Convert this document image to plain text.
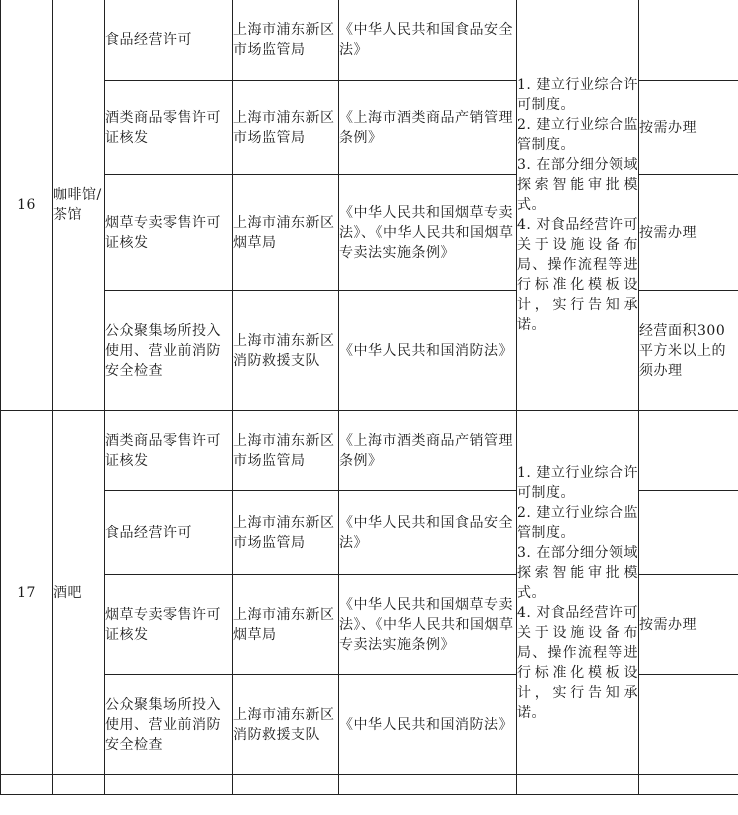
16	咖啡馆/茶馆	食品经营许可	上海市浦东新区市场监管局	《中华人民共和国食品安全法》	1. 建立行业综合许可制度。
2. 建立行业综合监管制度。
3. 在部分细分领域探索智能审批模式。
4. 对食品经营许可关于设施设备布局、操作流程等进行标准化模板设计，实行告知承诺。	

		酒类商品零售许可证核发	上海市浦东新区市场监管局	《上海市酒类商品产销管理条例》		按需办理
		烟草专卖零售许可证核发	上海市浦东新区烟草局	《中华人民共和国烟草专卖法》、《中华人民共和国烟草专卖法实施条例》		按需办理
		公众聚集场所投入使用、营业前消防安全检查	上海市浦东新区消防救援支队	《中华人民共和国消防法》		经营面积300平方米以上的须办理
17	酒吧	酒类商品零售许可证核发	上海市浦东新区市场监管局	《上海市酒类商品产销管理条例》	1. 建立行业综合许可制度。
2. 建立行业综合监管制度。
3. 在部分细分领域探索智能审批模式。
4. 对食品经营许可关于设施设备布局、操作流程等进行标准化模板设计，实行告知承诺。	

		食品经营许可	上海市浦东新区市场监管局	《中华人民共和国食品安全法》		
		烟草专卖零售许可证核发	上海市浦东新区烟草局	《中华人民共和国烟草专卖法》、《中华人民共和国烟草专卖法实施条例》		按需办理
		公众聚集场所投入使用、营业前消防安全检查	上海市浦东新区消防救援支队	《中华人民共和国消防法》		
